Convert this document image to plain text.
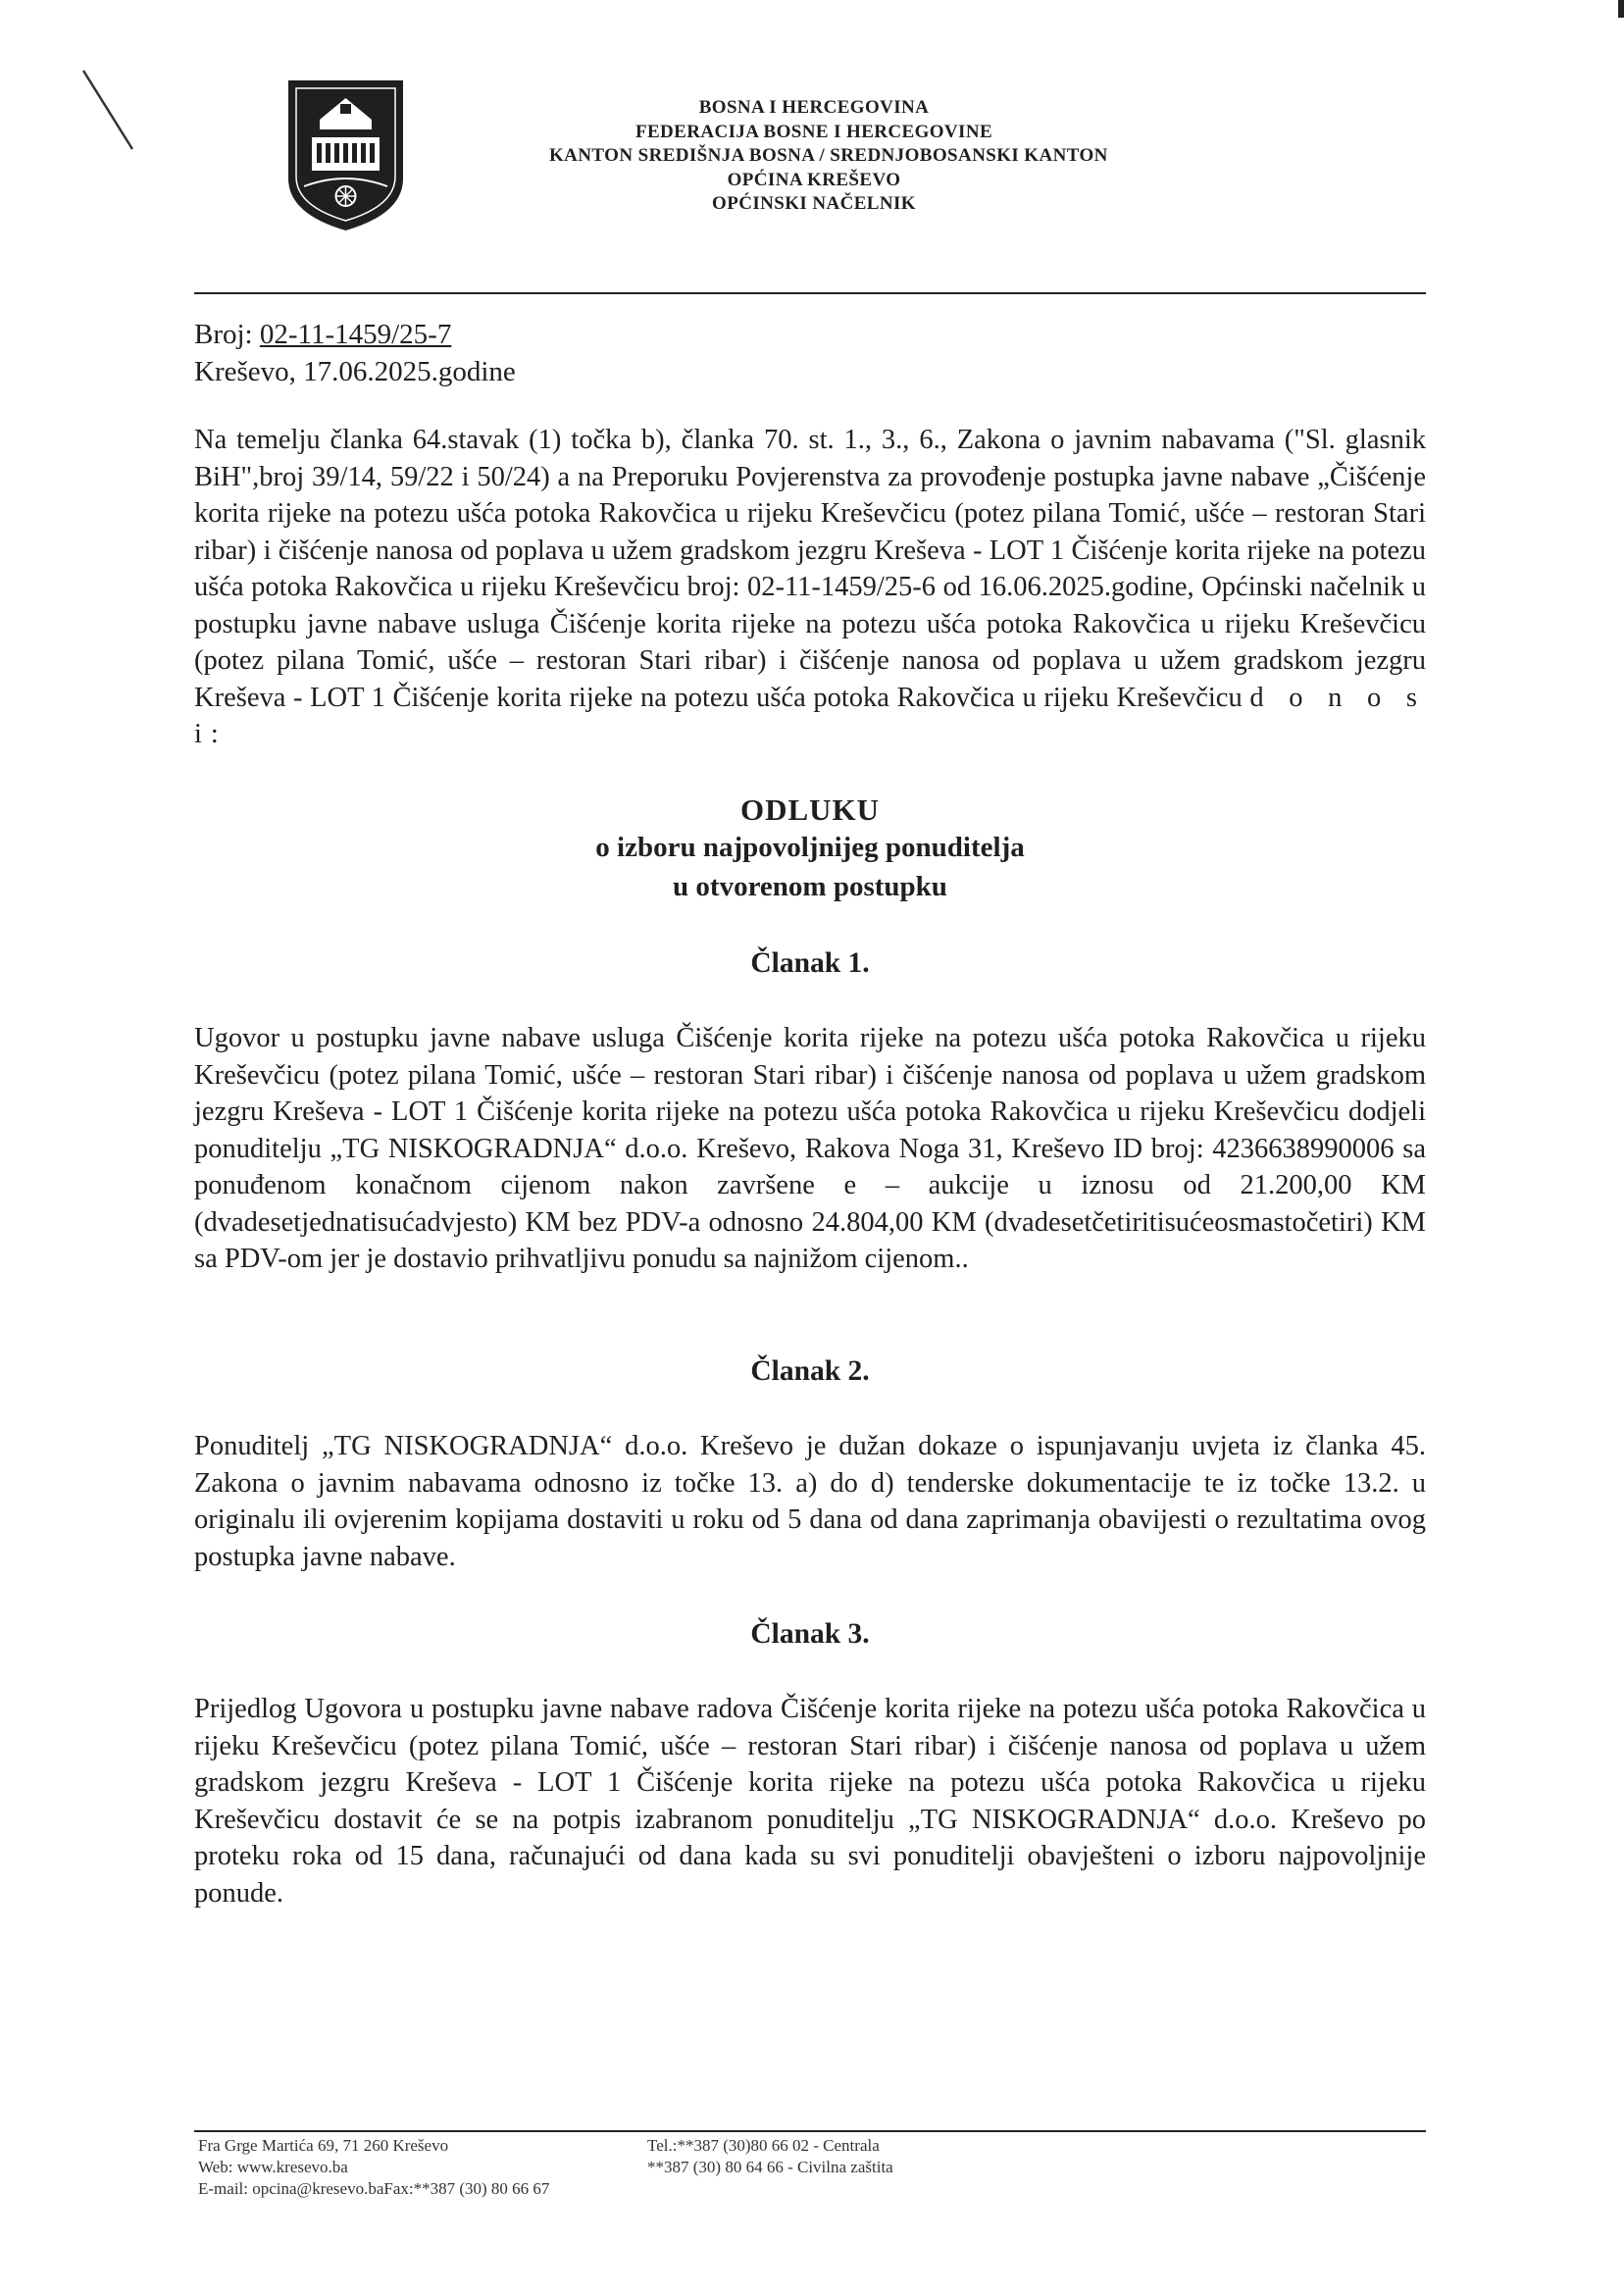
BOSNA I HERCEGOVINA
FEDERACIJA BOSNE I HERCEGOVINE
KANTON SREDIŠNJA BOSNA / SREDNJOBOSANSKI KANTON
OPĆINA KREŠEVO
OPĆINSKI NAČELNIK
Broj: 02-11-1459/25-7
Kreševo, 17.06.2025.godine
Na temelju članka 64.stavak (1) točka b), članka 70. st. 1., 3., 6., Zakona o javnim nabavama ("Sl. glasnik BiH",broj 39/14, 59/22 i 50/24) a na Preporuku Povjerenstva za provođenje postupka javne nabave „Čišćenje korita rijeke na potezu ušća potoka Rakovčica u rijeku Kreševčicu (potez pilana Tomić, ušće – restoran Stari ribar) i čišćenje nanosa od poplava u užem gradskom jezgru Kreševa - LOT 1 Čišćenje korita rijeke na potezu ušća potoka Rakovčica u rijeku Kreševčicu broj: 02-11-1459/25-6 od 16.06.2025.godine, Općinski načelnik u postupku javne nabave usluga Čišćenje korita rijeke na potezu ušća potoka Rakovčica u rijeku Kreševčicu (potez pilana Tomić, ušće – restoran Stari ribar) i čišćenje nanosa od poplava u užem gradskom jezgru Kreševa - LOT 1 Čišćenje korita rijeke na potezu ušća potoka Rakovčica u rijeku Kreševčicu d o n o s i:
ODLUKU
o izboru najpovoljnijeg ponuditelja
u otvorenom postupku
Članak 1.
Ugovor u postupku javne nabave usluga Čišćenje korita rijeke na potezu ušća potoka Rakovčica u rijeku Kreševčicu (potez pilana Tomić, ušće – restoran Stari ribar) i čišćenje nanosa od poplava u užem gradskom jezgru Kreševa - LOT 1 Čišćenje korita rijeke na potezu ušća potoka Rakovčica u rijeku Kreševčicu dodjeli ponuditelju „TG NISKOGRADNJA“ d.o.o. Kreševo, Rakova Noga 31, Kreševo ID broj: 4236638990006 sa ponuđenom konačnom cijenom nakon završene e – aukcije u iznosu od 21.200,00 KM (dvadesetjednatisućadvjesto) KM bez PDV-a odnosno 24.804,00 KM (dvadesetčetiritisućeosmastočetiri) KM sa PDV-om jer je dostavio prihvatljivu ponudu sa najnižom cijenom..
Članak 2.
Ponuditelj „TG NISKOGRADNJA“ d.o.o. Kreševo je dužan dokaze o ispunjavanju uvjeta iz članka 45. Zakona o javnim nabavama odnosno iz točke 13. a) do d) tenderske dokumentacije te iz točke 13.2. u originalu ili ovjerenim kopijama dostaviti u roku od 5 dana od dana zaprimanja obavijesti o rezultatima ovog postupka javne nabave.
Članak 3.
Prijedlog Ugovora u postupku javne nabave radova Čišćenje korita rijeke na potezu ušća potoka Rakovčica u rijeku Kreševčicu (potez pilana Tomić, ušće – restoran Stari ribar) i čišćenje nanosa od poplava u užem gradskom jezgru Kreševa - LOT 1 Čišćenje korita rijeke na potezu ušća potoka Rakovčica u rijeku Kreševčicu dostavit će se na potpis izabranom ponuditelju „TG NISKOGRADNJA“ d.o.o. Kreševo po proteku roka od 15 dana, računajući od dana kada su svi ponuditelji obavješteni o izboru najpovoljnije ponude.
Fra Grge Martića 69, 71 260 Kreševo
Web: www.kresevo.ba
E-mail: opcina@kresevo.baFax:**387 (30) 80 66 67
Tel.:**387 (30)80 66 02 - Centrala
**387 (30) 80 64 66 - Civilna zaštita
